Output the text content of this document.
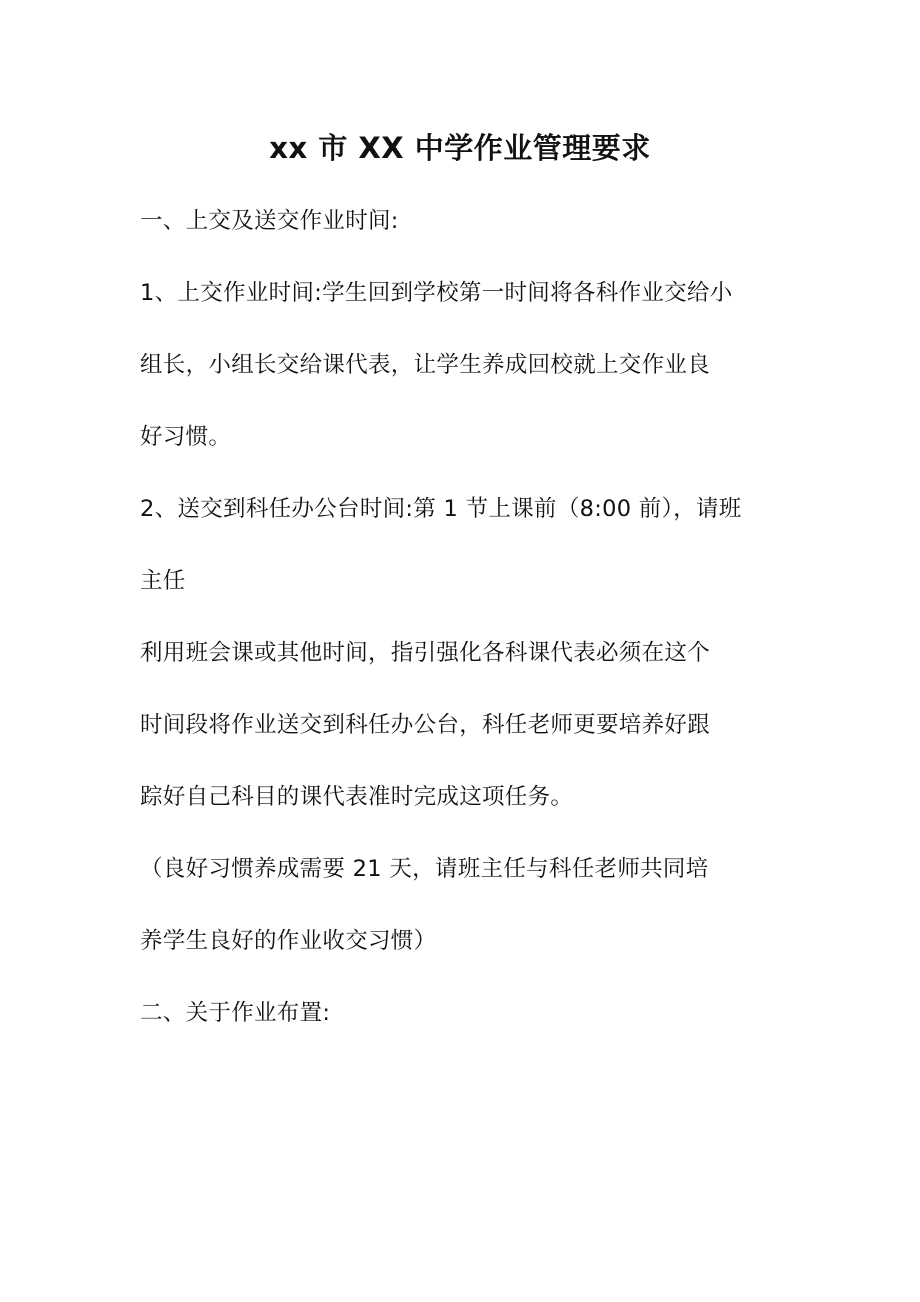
xx 市 XX 中学作业管理要求
一、上交及送交作业时间:
1、上交作业时间:学生回到学校第一时间将各科作业交给小
组长，小组长交给课代表，让学生养成回校就上交作业良
好习惯。
2、送交到科任办公台时间:第 1 节上课前（8:00 前），请班
主任
利用班会课或其他时间，指引强化各科课代表必须在这个
时间段将作业送交到科任办公台，科任老师更要培养好跟
踪好自己科目的课代表准时完成这项任务。
（良好习惯养成需要 21 天，请班主任与科任老师共同培
养学生良好的作业收交习惯）
二、关于作业布置:
